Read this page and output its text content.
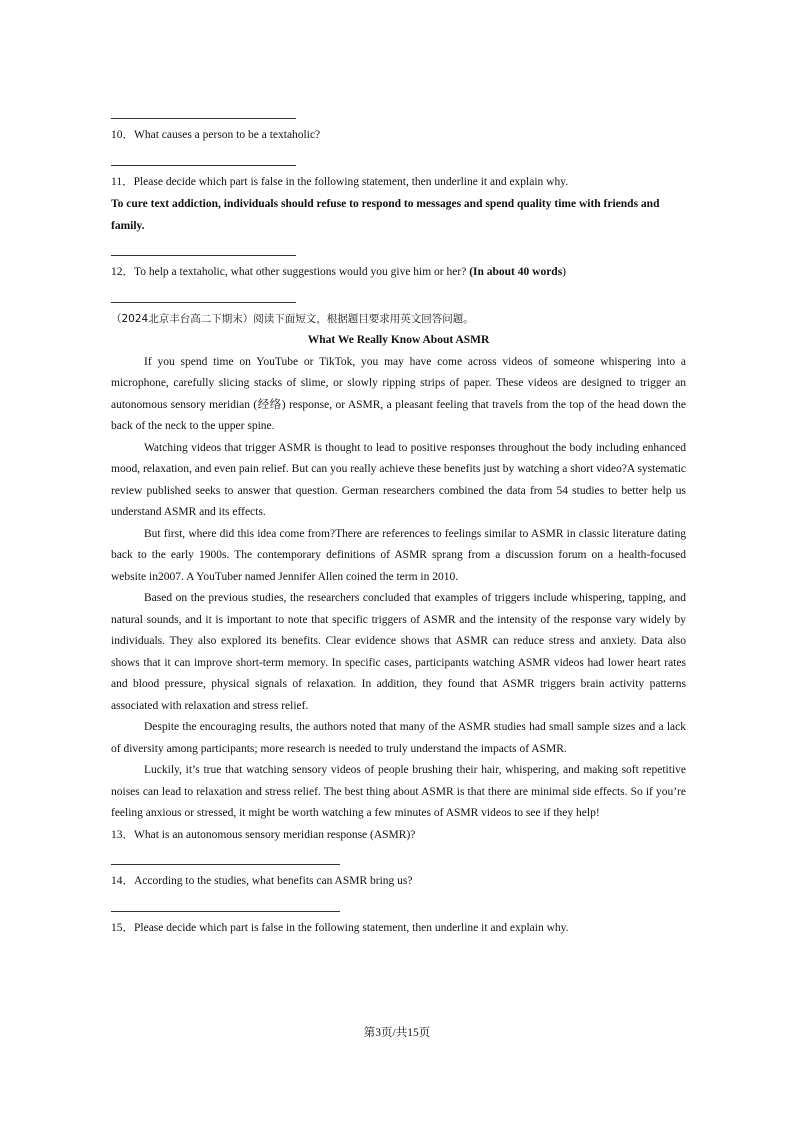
10．What causes a person to be a textaholic?

11．Please decide which part is false in the following statement, then underline it and explain why.

To cure text addiction, individuals should refuse to respond to messages and spend quality time with friends and family.

12．To help a textaholic, what other suggestions would you give him or her? (In about 40 words)

（2024北京丰台高二下期末）阅读下面短文，根据题目要求用英文回答问题。

What We Really Know About ASMR

If you spend time on YouTube or TikTok, you may have come across videos of someone whispering into a microphone, carefully slicing stacks of slime, or slowly ripping strips of paper. These videos are designed to trigger an autonomous sensory meridian (经络) response, or ASMR, a pleasant feeling that travels from the top of the head down the back of the neck to the upper spine.

Watching videos that trigger ASMR is thought to lead to positive responses throughout the body including enhanced mood, relaxation, and even pain relief. But can you really achieve these benefits just by watching a short video?A systematic review published seeks to answer that question. German researchers combined the data from 54 studies to better help us understand ASMR and its effects.

But first, where did this idea come from?There are references to feelings similar to ASMR in classic literature dating back to the early 1900s. The contemporary definitions of ASMR sprang from a discussion forum on a health-focused website in2007. A YouTuber named Jennifer Allen coined the term in 2010.

Based on the previous studies, the researchers concluded that examples of triggers include whispering, tapping, and natural sounds, and it is important to note that specific triggers of ASMR and the intensity of the response vary widely by individuals. They also explored its benefits. Clear evidence shows that ASMR can reduce stress and anxiety. Data also shows that it can improve short-term memory. In specific cases, participants watching ASMR videos had lower heart rates and blood pressure, physical signals of relaxation. In addition, they found that ASMR triggers brain activity patterns associated with relaxation and stress relief.

Despite the encouraging results, the authors noted that many of the ASMR studies had small sample sizes and a lack of diversity among participants; more research is needed to truly understand the impacts of ASMR.

Luckily, it’s true that watching sensory videos of people brushing their hair, whispering, and making soft repetitive noises can lead to relaxation and stress relief. The best thing about ASMR is that there are minimal side effects. So if you’re feeling anxious or stressed, it might be worth watching a few minutes of ASMR videos to see if they help!

13．What is an autonomous sensory meridian response (ASMR)?

14．According to the studies, what benefits can ASMR bring us?

15．Please decide which part is false in the following statement, then underline it and explain why.

第3页/共15页
